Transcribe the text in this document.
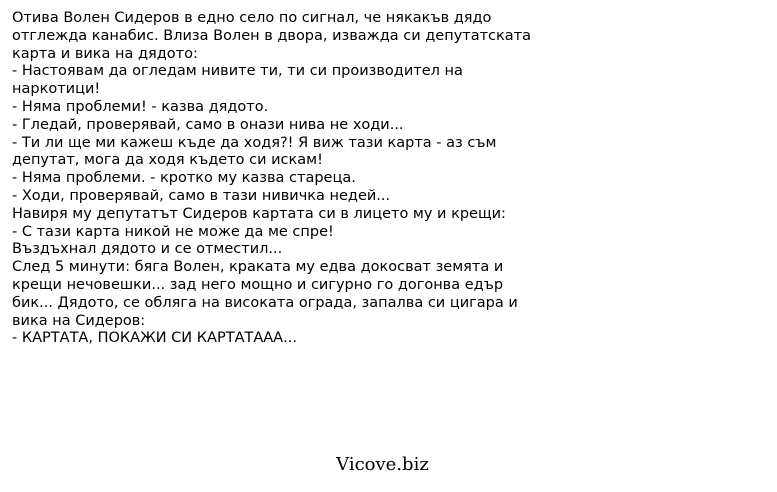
Отива Волен Сидеров в едно село по сигнал, че някакъв дядо
отглежда канабис. Влиза Волен в двора, изважда си депутатската
карта и вика на дядото:
- Настоявам да огледам нивите ти, ти си производител на
наркотици!
- Няма проблеми! - казва дядото.
- Гледай, проверявай, само в онази нива не ходи...
- Ти ли ще ми кажеш къде да ходя?! Я виж тази карта - аз съм
депутат, мога да ходя където си искам!
- Няма проблеми. - кротко му казва стареца.
- Ходи, проверявай, само в тази нивичка недей...
Навиря му депутатът Сидеров картата си в лицето му и крещи:
- С тази карта никой не може да ме спре!
Въздъхнал дядото и се отместил...
След 5 минути: бяга Волен, краката му едва докосват земята и
крещи нечовешки... зад него мощно и сигурно го догонва едър
бик... Дядото, се обляга на високата ограда, запалва си цигара и
вика на Сидеров:
- КАРТАТА, ПОКАЖИ СИ КАРТАТААА...
Vicove.biz
